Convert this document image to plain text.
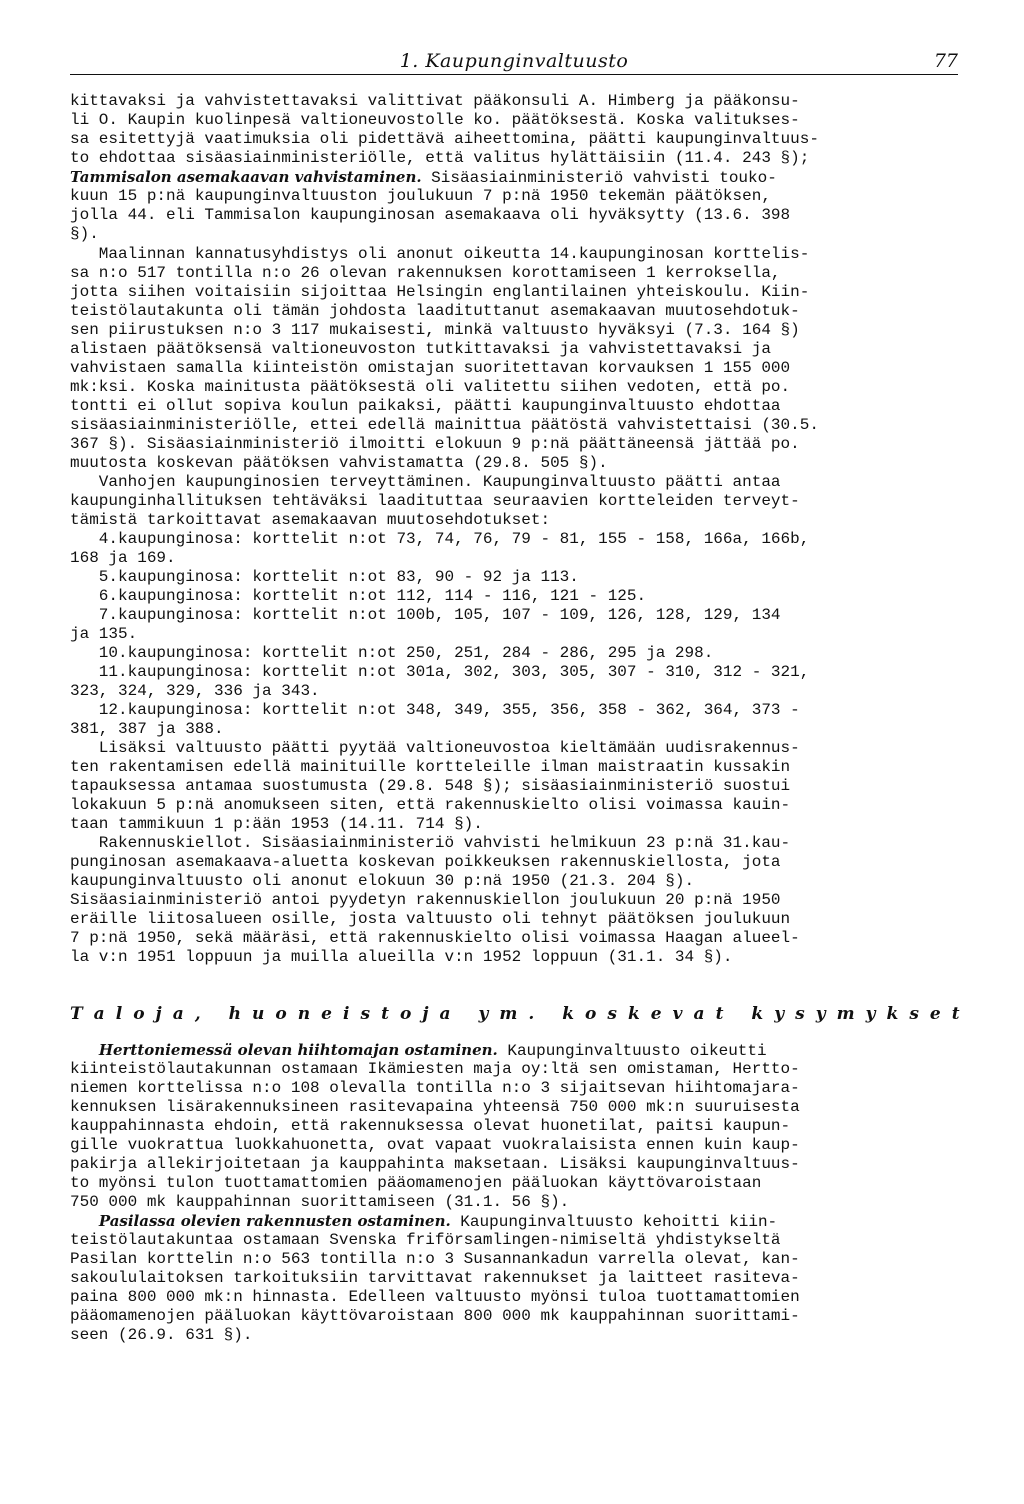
1. Kaupunginvaltuusto	77
kittavaksi ja vahvistettavaksi valittivat pääkonsuli A. Himberg ja pääkonsu-
li O. Kaupin kuolinpesä valtioneuvostolle ko. päätöksestä. Koska valitukses-
sa esitettyjä vaatimuksia oli pidettävä aiheettomina, päätti kaupunginvaltuus-
to ehdottaa sisäasiainministeriölle, että valitus hylättäisiin (11.4. 243 §);
Tammisalon asemakaavan vahvistaminen. Sisäasiainministeriö vahvisti touko-
kuun 15 p:nä kaupunginvaltuuston joulukuun 7 p:nä 1950 tekemän päätöksen,
jolla 44. eli Tammisalon kaupunginosan asemakaava oli hyväksytty (13.6. 398
§).
Maalinnan kannatusyhdistys oli anonut oikeutta 14.kaupunginosan korttelis-
sa n:o 517 tontilla n:o 26 olevan rakennuksen korottamiseen 1 kerroksella,
jotta siihen voitaisiin sijoittaa Helsingin englantilainen yhteiskoulu. Kiin-
teistölautakunta oli tämän johdosta laadituttanut asemakaavan muutosehdotuk-
sen piirustuksen n:o 3 117 mukaisesti, minkä valtuusto hyväksyi (7.3. 164 §)
alistaen päätöksensä valtioneuvoston tutkittavaksi ja vahvistettavaksi ja
vahvistaen samalla kiinteistön omistajan suoritettavan korvauksen 1 155 000
mk:ksi. Koska mainitusta päätöksestä oli valitettu siihen vedoten, että po.
tontti ei ollut sopiva koulun paikaksi, päätti kaupunginvaltuusto ehdottaa
sisäasiainministeriölle, ettei edellä mainittua päätöstä vahvistettaisi (30.5.
367 §). Sisäasiainministeriö ilmoitti elokuun 9 p:nä päättäneensä jättää po.
muutosta koskevan päätöksen vahvistamatta (29.8. 505 §).
Vanhojen kaupunginosien terveyttäminen. Kaupunginvaltuusto päätti antaa
kaupunginhallituksen tehtäväksi laadituttaa seuraavien kortteleiden terveyt-
tämistä tarkoittavat asemakaavan muutosehdotukset:
4.kaupunginosa: korttelit n:ot 73, 74, 76, 79 - 81, 155 - 158, 166a, 166b,
168 ja 169.
5.kaupunginosa: korttelit n:ot 83, 90 - 92 ja 113.
6.kaupunginosa: korttelit n:ot 112, 114 - 116, 121 - 125.
7.kaupunginosa: korttelit n:ot 100b, 105, 107 - 109, 126, 128, 129, 134
ja 135.
10.kaupunginosa: korttelit n:ot 250, 251, 284 - 286, 295 ja 298.
11.kaupunginosa: korttelit n:ot 301a, 302, 303, 305, 307 - 310, 312 - 321,
323, 324, 329, 336 ja 343.
12.kaupunginosa: korttelit n:ot 348, 349, 355, 356, 358 - 362, 364, 373 -
381, 387 ja 388.
Lisäksi valtuusto päätti pyytää valtioneuvostoa kieltämään uudisrakennus-
ten rakentamisen edellä mainituille kortteleille ilman maistraatin kussakin
tapauksessa antamaa suostumusta (29.8. 548 §); sisäasiainministeriö suostui
lokakuun 5 p:nä anomukseen siten, että rakennuskielto olisi voimassa kauin-
taan tammikuun 1 p:ään 1953 (14.11. 714 §).
Rakennuskiellot. Sisäasiainministeriö vahvisti helmikuun 23 p:nä 31.kau-
punginosan asemakaava-aluetta koskevan poikkeuksen rakennuskiellosta, jota
kaupunginvaltuusto oli anonut elokuun 30 p:nä 1950 (21.3. 204 §).
Sisäasiainministeriö antoi pyydetyn rakennuskiellon joulukuun 20 p:nä 1950
eräille liitosalueen osille, josta valtuusto oli tehnyt päätöksen joulukuun
7 p:nä 1950, sekä määräsi, että rakennuskielto olisi voimassa Haagan alueel-
la v:n 1951 loppuun ja muilla alueilla v:n 1952 loppuun (31.1. 34 §).
T a l o j a ,
h u o n e i s t o j a
y m .
k o s k e v a t
k y s y m y k s e t
Herttoniemessä olevan hiihtomajan ostaminen. Kaupunginvaltuusto oikeutti
kiinteistölautakunnan ostamaan Ikämiesten maja oy:ltä sen omistaman, Hertto-
niemen korttelissa n:o 108 olevalla tontilla n:o 3 sijaitsevan hiihtomajara-
kennuksen lisärakennuksineen rasitevapaina yhteensä 750 000 mk:n suuruisesta
kauppahinnasta ehdoin, että rakennuksessa olevat huonetilat, paitsi kaupun-
gille vuokrattua luokkahuonetta, ovat vapaat vuokralaisista ennen kuin kaup-
pakirja allekirjoitetaan ja kauppahinta maksetaan. Lisäksi kaupunginvaltuus-
to myönsi tulon tuottamattomien pääomamenojen pääluokan käyttövaroistaan
750 000 mk kauppahinnan suorittamiseen (31.1. 56 §).
Pasilassa olevien rakennusten ostaminen. Kaupunginvaltuusto kehoitti kiin-
teistölautakuntaa ostamaan Svenska friförsamlingen-nimiseltä yhdistykseltä
Pasilan korttelin n:o 563 tontilla n:o 3 Susannankadun varrella olevat, kan-
sakoululaitoksen tarkoituksiin tarvittavat rakennukset ja laitteet rasiteva-
paina 800 000 mk:n hinnasta. Edelleen valtuusto myönsi tuloa tuottamattomien
pääomamenojen pääluokan käyttövaroistaan 800 000 mk kauppahinnan suorittami-
seen (26.9. 631 §).
